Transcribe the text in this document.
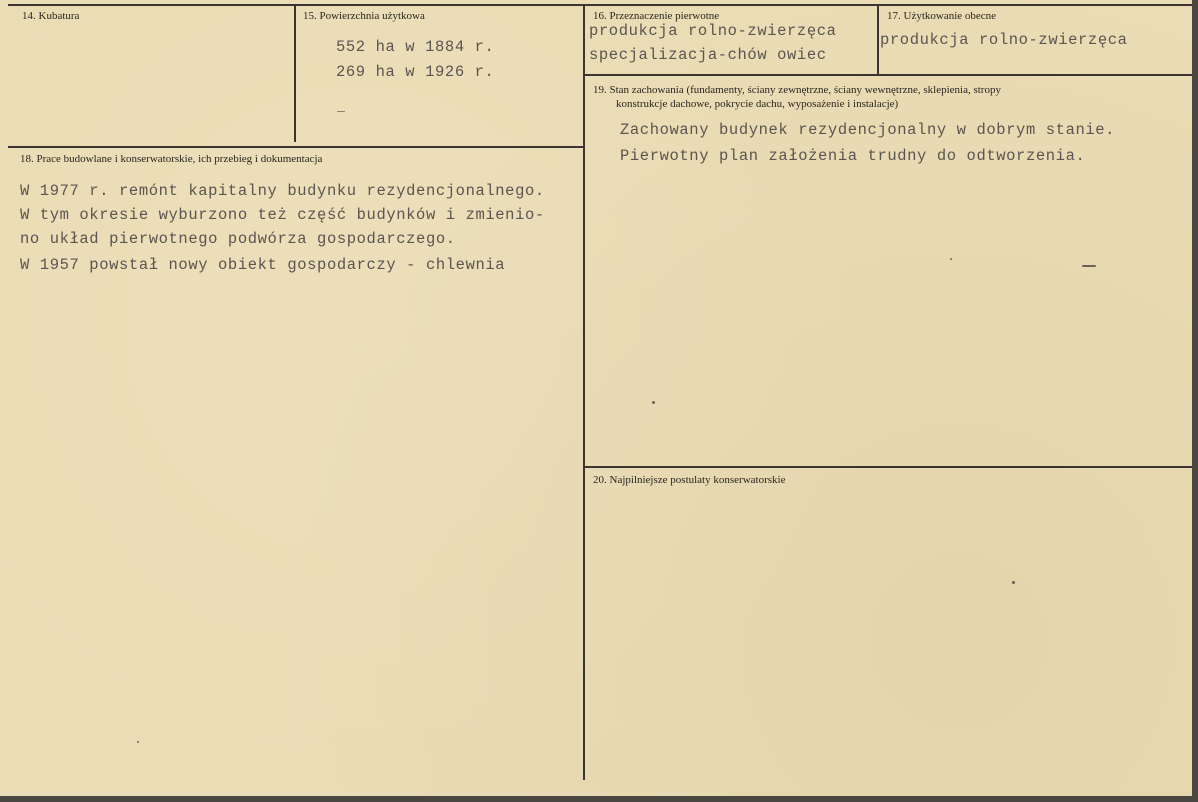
14. Kubatura	15. Powierzchnia użytkowa
552 ha w 1884 r.
269 ha w 1926 r.
16. Przeznaczenie pierwotne
produkcja rolno-zwierzęca
specjalizacja-chów owiec
17. Użytkowanie obecne
produkcja rolno-zwierzęca
18. Prace budowlane i konserwatorskie, ich przebieg i dokumentacja
W 1977 r. remónt kapitalny budynku rezydencjonalnego.
W tym okresie wyburzono też część budynków i zmienio-
no układ pierwotnego podwórza gospodarczego.
W 1957 powstał nowy obiekt gospodarczy - chlewnia
19. Stan zachowania (fundamenty, ściany zewnętrzne, ściany wewnętrzne, sklepienia, stropy
konstrukcje dachowe, pokrycie dachu, wyposażenie i instalacje)
Zachowany budynek rezydencjonalny w dobrym stanie.
Pierwotny plan założenia trudny do odtworzenia.
20. Najpilniejsze postulaty konserwatorskie
